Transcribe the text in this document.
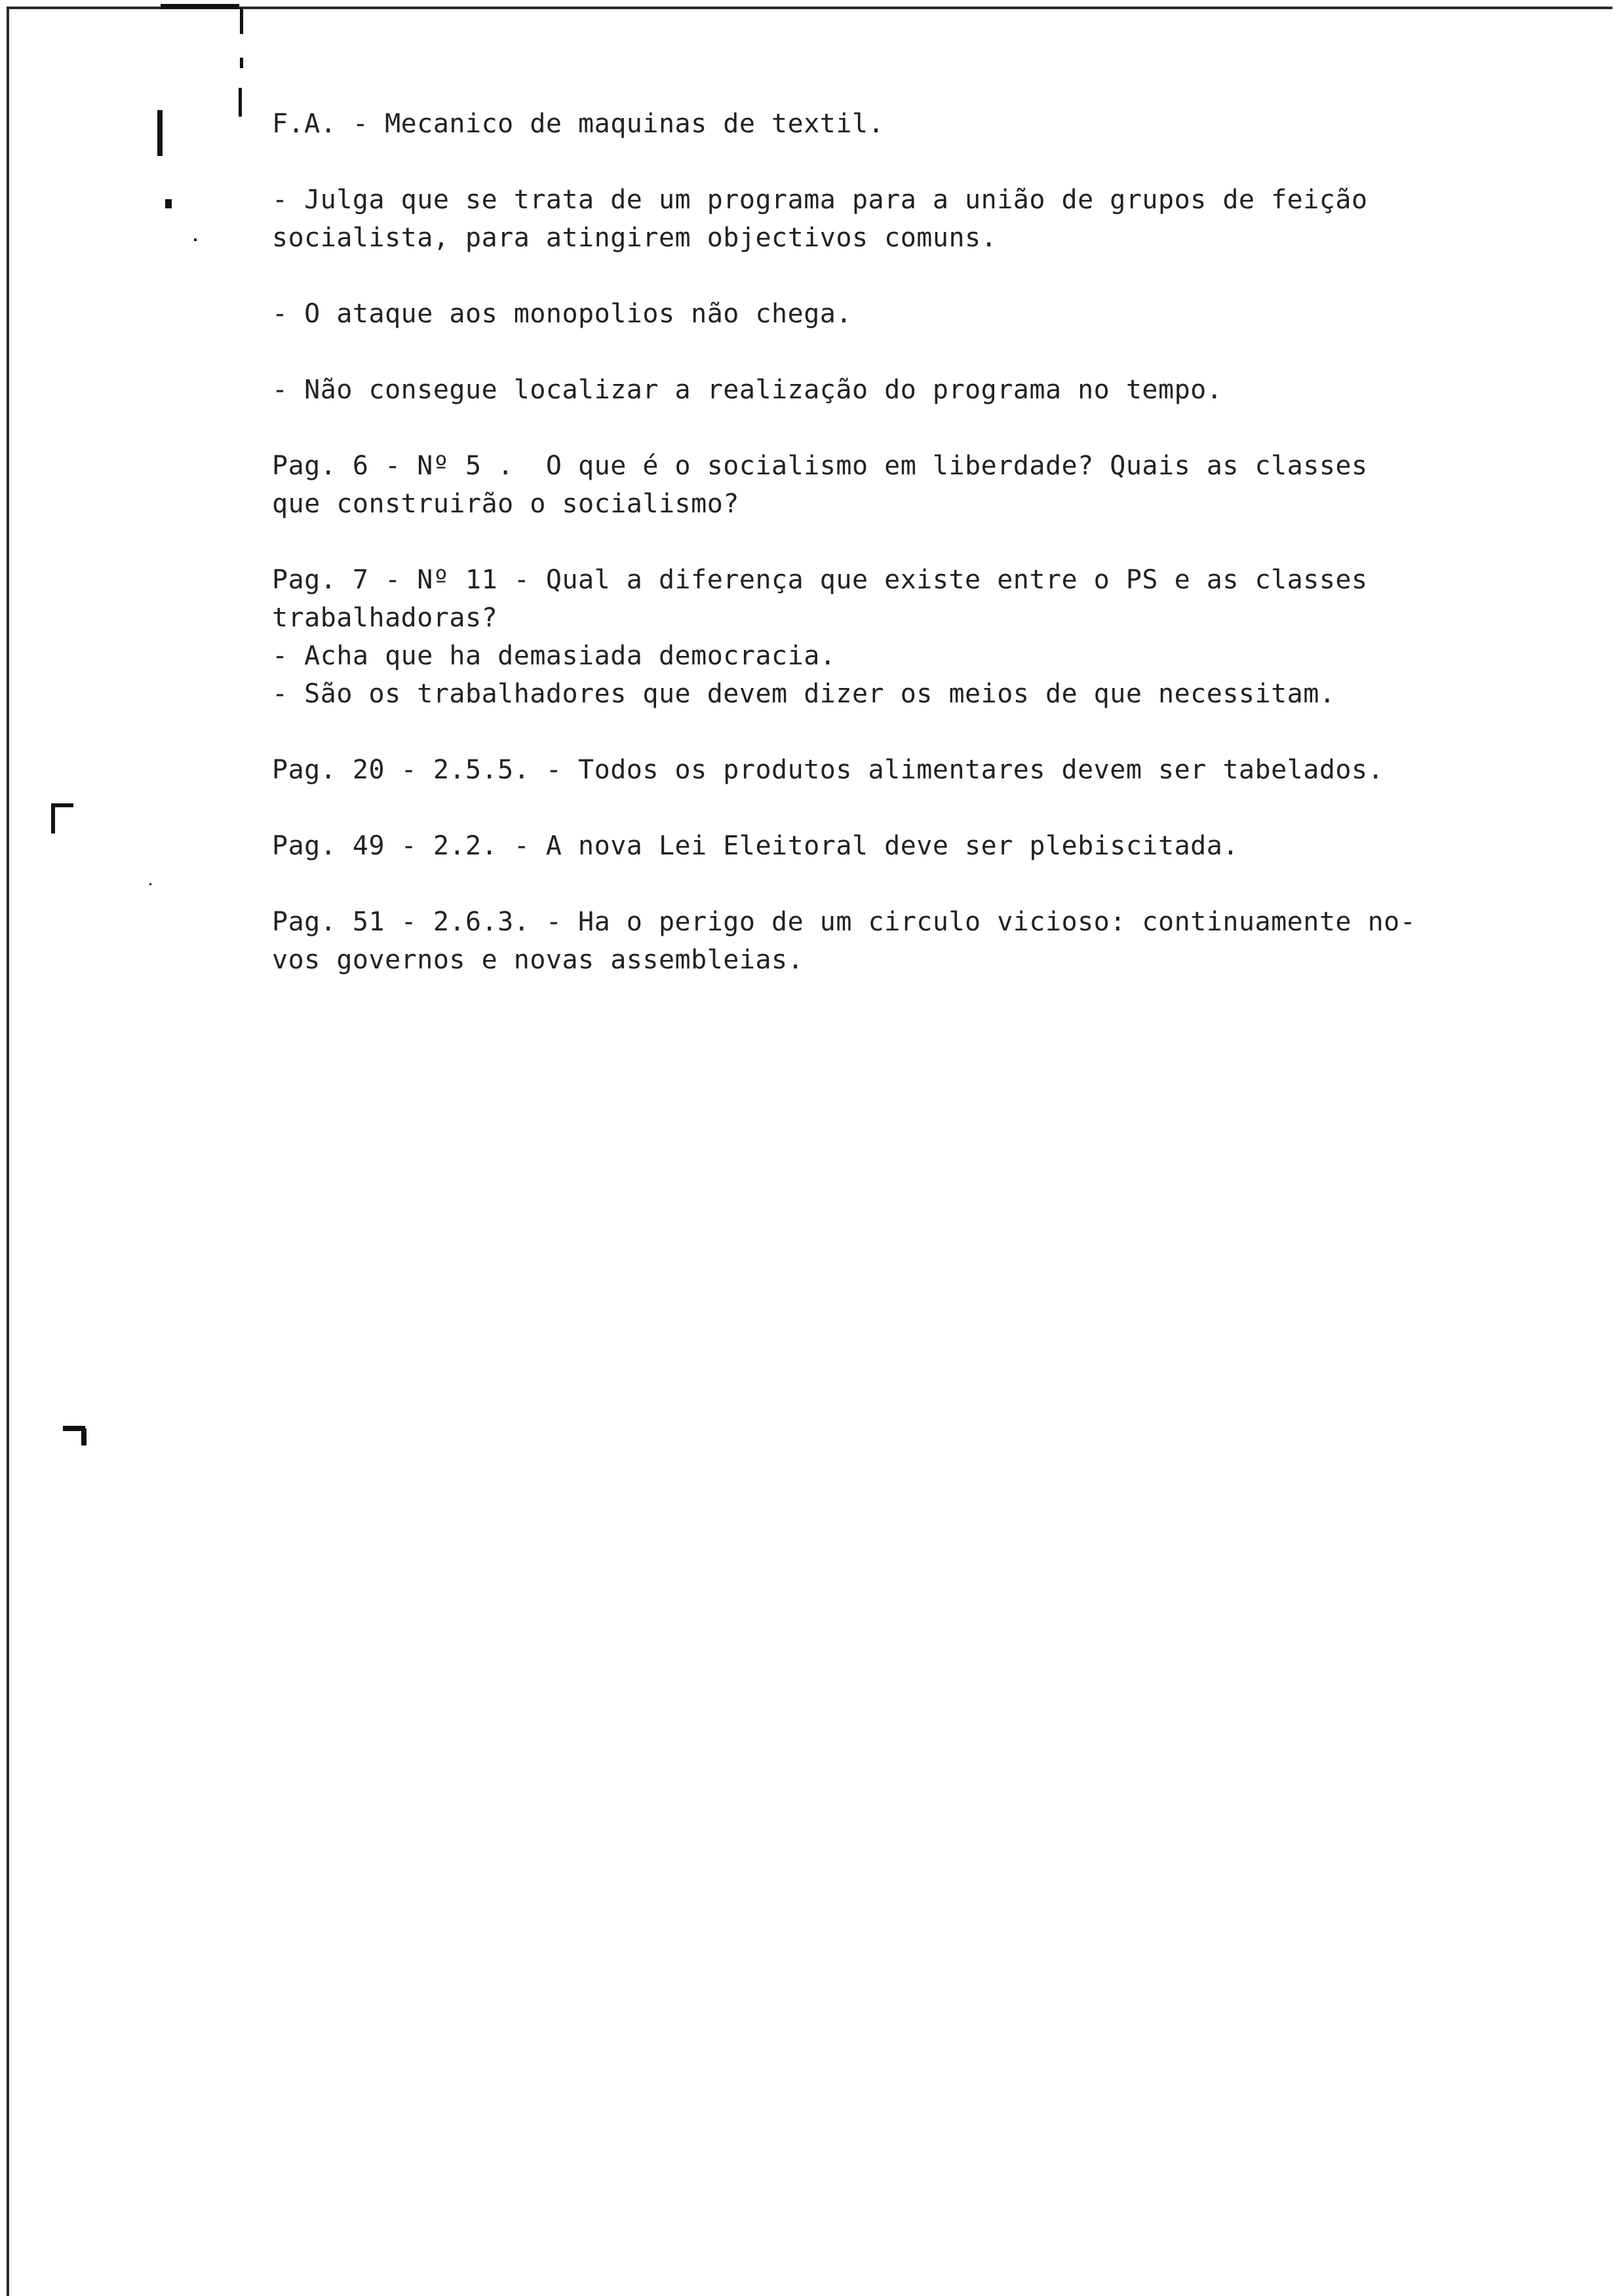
F.A. - Mecanico de maquinas de textil.
- Julga que se trata de um programa para a união de grupos de feição
socialista, para atingirem objectivos comuns.
- O ataque aos monopolios não chega.
- Não consegue localizar a realização do programa no tempo.
Pag. 6 - Nº 5 .  O que é o socialismo em liberdade? Quais as classes
que construirão o socialismo?
Pag. 7 - Nº 11 - Qual a diferença que existe entre o PS e as classes
trabalhadoras?
- Acha que ha demasiada democracia.
- São os trabalhadores que devem dizer os meios de que necessitam.
Pag. 20 - 2.5.5. - Todos os produtos alimentares devem ser tabelados.
Pag. 49 - 2.2. - A nova Lei Eleitoral deve ser plebiscitada.
Pag. 51 - 2.6.3. - Ha o perigo de um circulo vicioso: continuamente no-
vos governos e novas assembleias.
